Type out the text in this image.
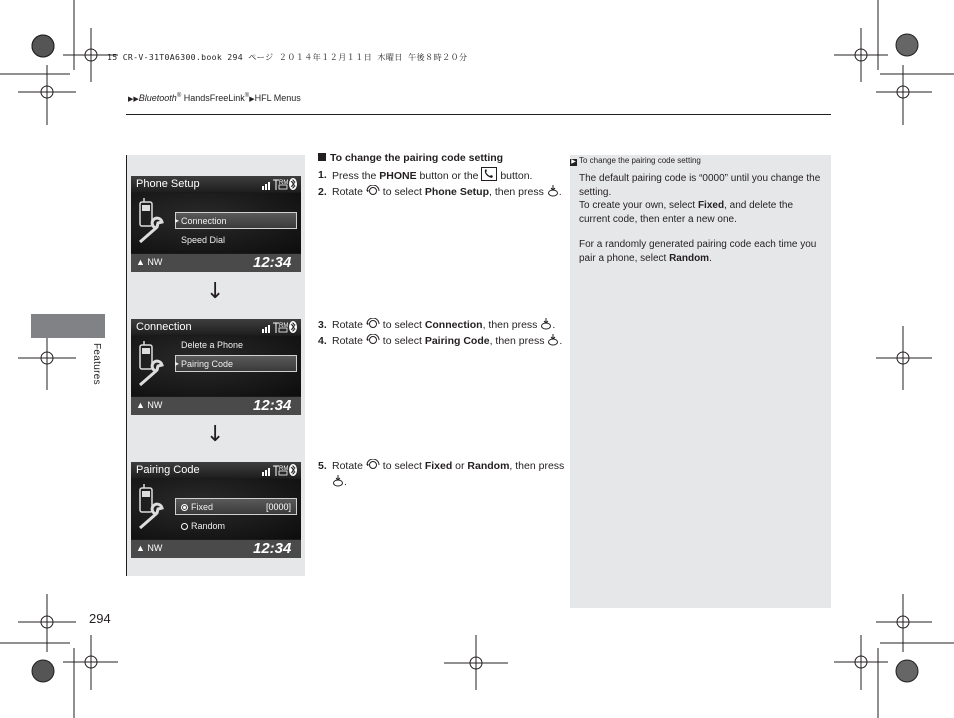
15 CR-V-31T0A6300.book 294 ページ ２０１４年１２月１１日 木曜日 午後８時２０分
▶▶Bluetooth® HandsFreeLink®▶HFL Menus
Features
294
Phone Setup	RM
▸ Connection
Speed Dial
▲ NW	12:34
↓
Connection	RM
Delete a Phone
▸ Pairing Code
▲ NW	12:34
↓
Pairing Code	RM
Fixed	[0000]
Random
▲ NW	12:34
To change the pairing code setting
1. Press the PHONE button or the  button.
2. Rotate  to select Phone Setup, then press .
3. Rotate  to select Connection, then press .
4. Rotate  to select Pairing Code, then press .
5. Rotate  to select Fixed or Random, then press .
▶ To change the pairing code setting
The default pairing code is “0000” until you change the setting.
To create your own, select Fixed, and delete the current code, then enter a new one.
For a randomly generated pairing code each time you pair a phone, select Random.
